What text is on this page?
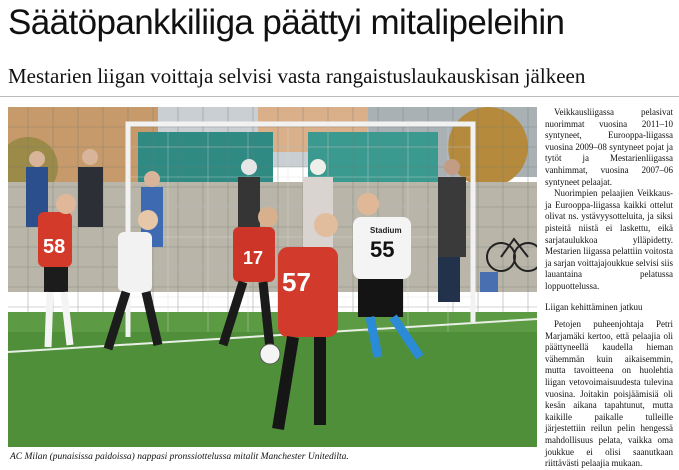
Säätöpankkiliiga päättyi mitalipeleihin
Mestarien liigan voittaja selvisi vasta rangaistuslaukauskisan jälkeen
58	17
57
Stadium
55
AC Milan (punaisissa paidoissa) nappasi pronssiottelussa mitalit Manchester Unitedilta.

Veikkausliigassa pelasivat nuorimmat vuosina 2011–10 syntyneet, Eurooppa-liigassa vuosina 2009–08 syntyneet pojat ja tytöt ja Mestarienliigassa vanhimmat, vuosina 2007–06 syntyneet pelaajat.

Nuorimpien pelaajien Veikkaus- ja Eurooppa-liigassa kaikki ottelut olivat ns. ystävyysotteluita, ja siksi pisteitä niistä ei laskettu, eikä sarjataulukkoa ylläpidetty. Mestarien liigassa pelattiin voitosta ja sarjan voittajajoukkue selvisi siis lauantaina pelatussa loppuottelussa.

Liigan kehittäminen jatkuu

Petojen puheenjohtaja Petri Marjamäki kertoo, että pelaajia oli päättyneellä kaudella hieman vähemmän kuin aikaisemmin, mutta tavoitteena on huolehtia liigan vetovoimaisuudesta tulevina vuosina. Joitakin poisjäämisiä oli kesän aikana tapahtunut, mutta kaikille paikalle tulleille järjestettiin reilun pelin hengessä mahdollisuus pelata, vaikka oma joukkue ei olisi saanutkaan riittävästi pelaajia mukaan.
